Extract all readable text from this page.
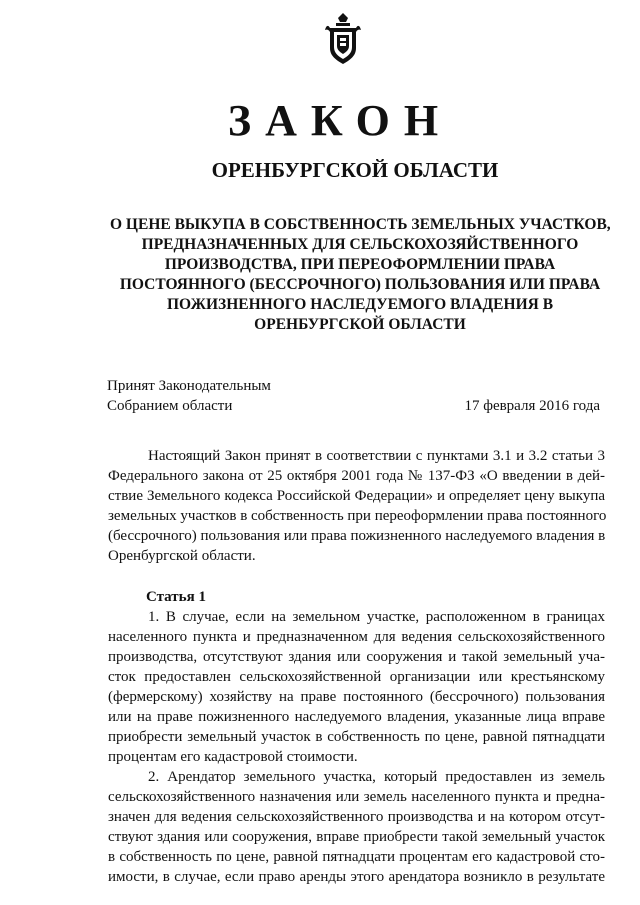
ЗАКОН
ОРЕНБУРГСКОЙ ОБЛАСТИ
О ЦЕНЕ ВЫКУПА В СОБСТВЕННОСТЬ ЗЕМЕЛЬНЫХ УЧАСТКОВ,
ПРЕДНАЗНАЧЕННЫХ ДЛЯ СЕЛЬСКОХОЗЯЙСТВЕННОГО
ПРОИЗВОДСТВА, ПРИ ПЕРЕОФОРМЛЕНИИ ПРАВА
ПОСТОЯННОГО (БЕССРОЧНОГО) ПОЛЬЗОВАНИЯ ИЛИ ПРАВА
ПОЖИЗНЕННОГО НАСЛЕДУЕМОГО ВЛАДЕНИЯ В
ОРЕНБУРГСКОЙ ОБЛАСТИ
Принят Законодательным
Собранием области	17 февраля 2016 года
Настоящий Закон принят в соответствии с пунктами 3.1 и 3.2 статьи 3
Федерального закона от 25 октября 2001 года № 137-ФЗ «О введении в дей-
ствие Земельного кодекса Российской Федерации» и определяет цену выкупа
земельных участков в собственность при переоформлении права постоянного
(бессрочного) пользования или права пожизненного наследуемого владения в
Оренбургской области.
Статья 1
1. В случае, если на земельном участке, расположенном в границах
населенного пункта и предназначенном для ведения сельскохозяйственного
производства, отсутствуют здания или сооружения и такой земельный уча-
сток предоставлен сельскохозяйственной организации или крестьянскому
(фермерскому) хозяйству на праве постоянного (бессрочного) пользования
или на праве пожизненного наследуемого владения, указанные лица вправе
приобрести земельный участок в собственность по цене, равной пятнадцати
процентам его кадастровой стоимости.
2. Арендатор земельного участка, который предоставлен из земель
сельскохозяйственного назначения или земель населенного пункта и предна-
значен для ведения сельскохозяйственного производства и на котором отсут-
ствуют здания или сооружения, вправе приобрести такой земельный участок
в собственность по цене, равной пятнадцати процентам его кадастровой сто-
имости, в случае, если право аренды этого арендатора возникло в результате
